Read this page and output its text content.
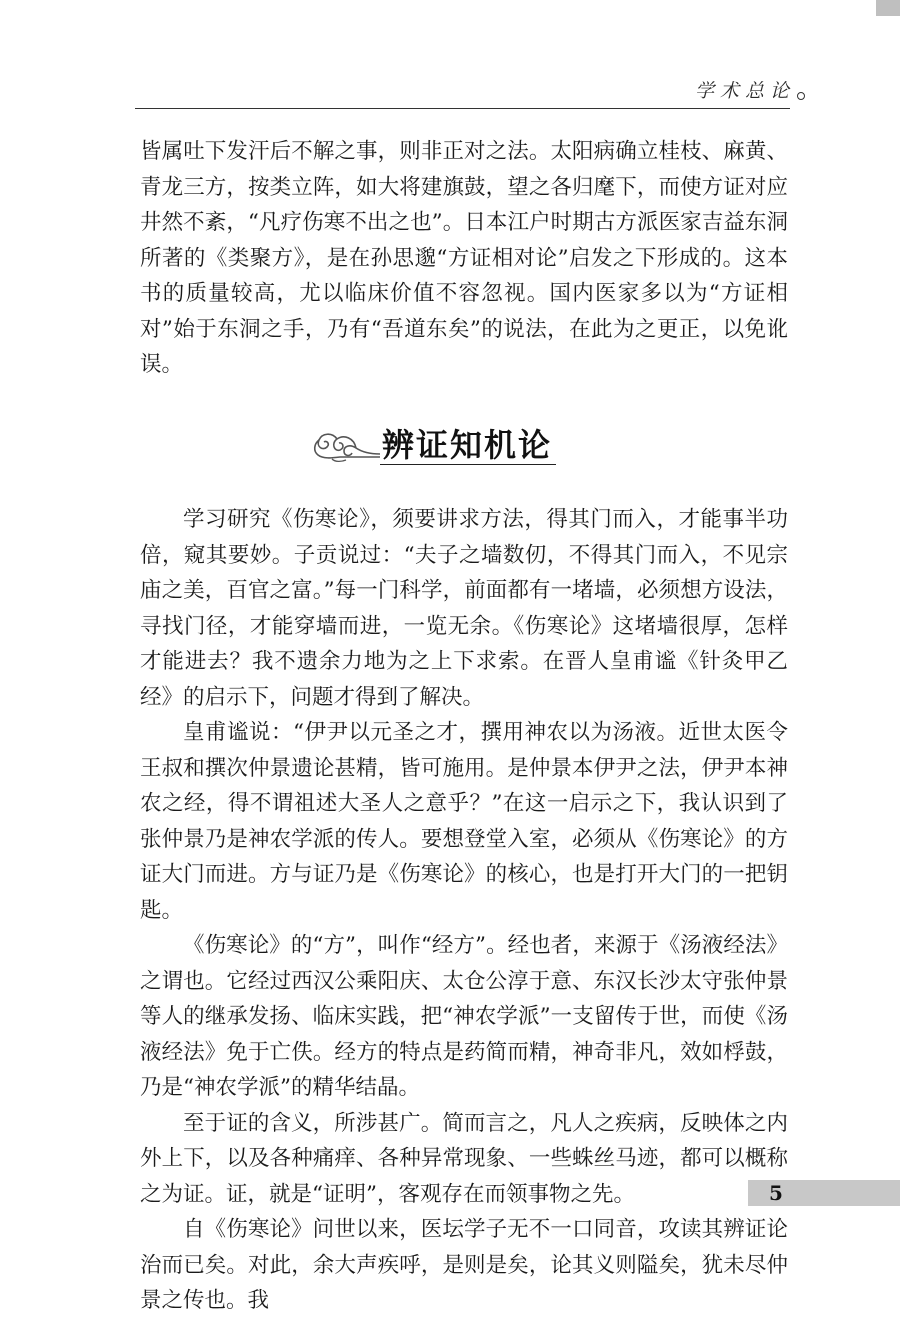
学术总论

皆属吐下发汗后不解之事，则非正对之法。太阳病确立桂枝、麻黄、青龙三方，按类立阵，如大将建旗鼓，望之各归麾下，而使方证对应井然不紊，“凡疗伤寒不出之也”。日本江户时期古方派医家吉益东洞所著的《类聚方》，是在孙思邈“方证相对论”启发之下形成的。这本书的质量较高，尤以临床价值不容忽视。国内医家多以为“方证相对”始于东洞之手，乃有“吾道东矣”的说法，在此为之更正，以免讹误。

辨证知机论

学习研究《伤寒论》，须要讲求方法，得其门而入，才能事半功倍，窥其要妙。子贡说过：“夫子之墙数仞，不得其门而入，不见宗庙之美，百官之富。”每一门科学，前面都有一堵墙，必须想方设法，寻找门径，才能穿墙而进，一览无余。《伤寒论》这堵墙很厚，怎样才能进去？我不遗余力地为之上下求索。在晋人皇甫谧《针灸甲乙经》的启示下，问题才得到了解决。

皇甫谧说：“伊尹以元圣之才，撰用神农以为汤液。近世太医令王叔和撰次仲景遗论甚精，皆可施用。是仲景本伊尹之法，伊尹本神农之经，得不谓祖述大圣人之意乎？”在这一启示之下，我认识到了张仲景乃是神农学派的传人。要想登堂入室，必须从《伤寒论》的方证大门而进。方与证乃是《伤寒论》的核心，也是打开大门的一把钥匙。

《伤寒论》的“方”，叫作“经方”。经也者，来源于《汤液经法》之谓也。它经过西汉公乘阳庆、太仓公淳于意、东汉长沙太守张仲景等人的继承发扬、临床实践，把“神农学派”一支留传于世，而使《汤液经法》免于亡佚。经方的特点是药简而精，神奇非凡，效如桴鼓，乃是“神农学派”的精华结晶。

至于证的含义，所涉甚广。简而言之，凡人之疾病，反映体之内外上下，以及各种痛痒、各种异常现象、一些蛛丝马迹，都可以概称之为证。证，就是“证明”，客观存在而领事物之先。

自《伤寒论》问世以来，医坛学子无不一口同音，攻读其辨证论治而已矣。对此，余大声疾呼，是则是矣，论其义则隘矣，犹未尽仲景之传也。我

5
